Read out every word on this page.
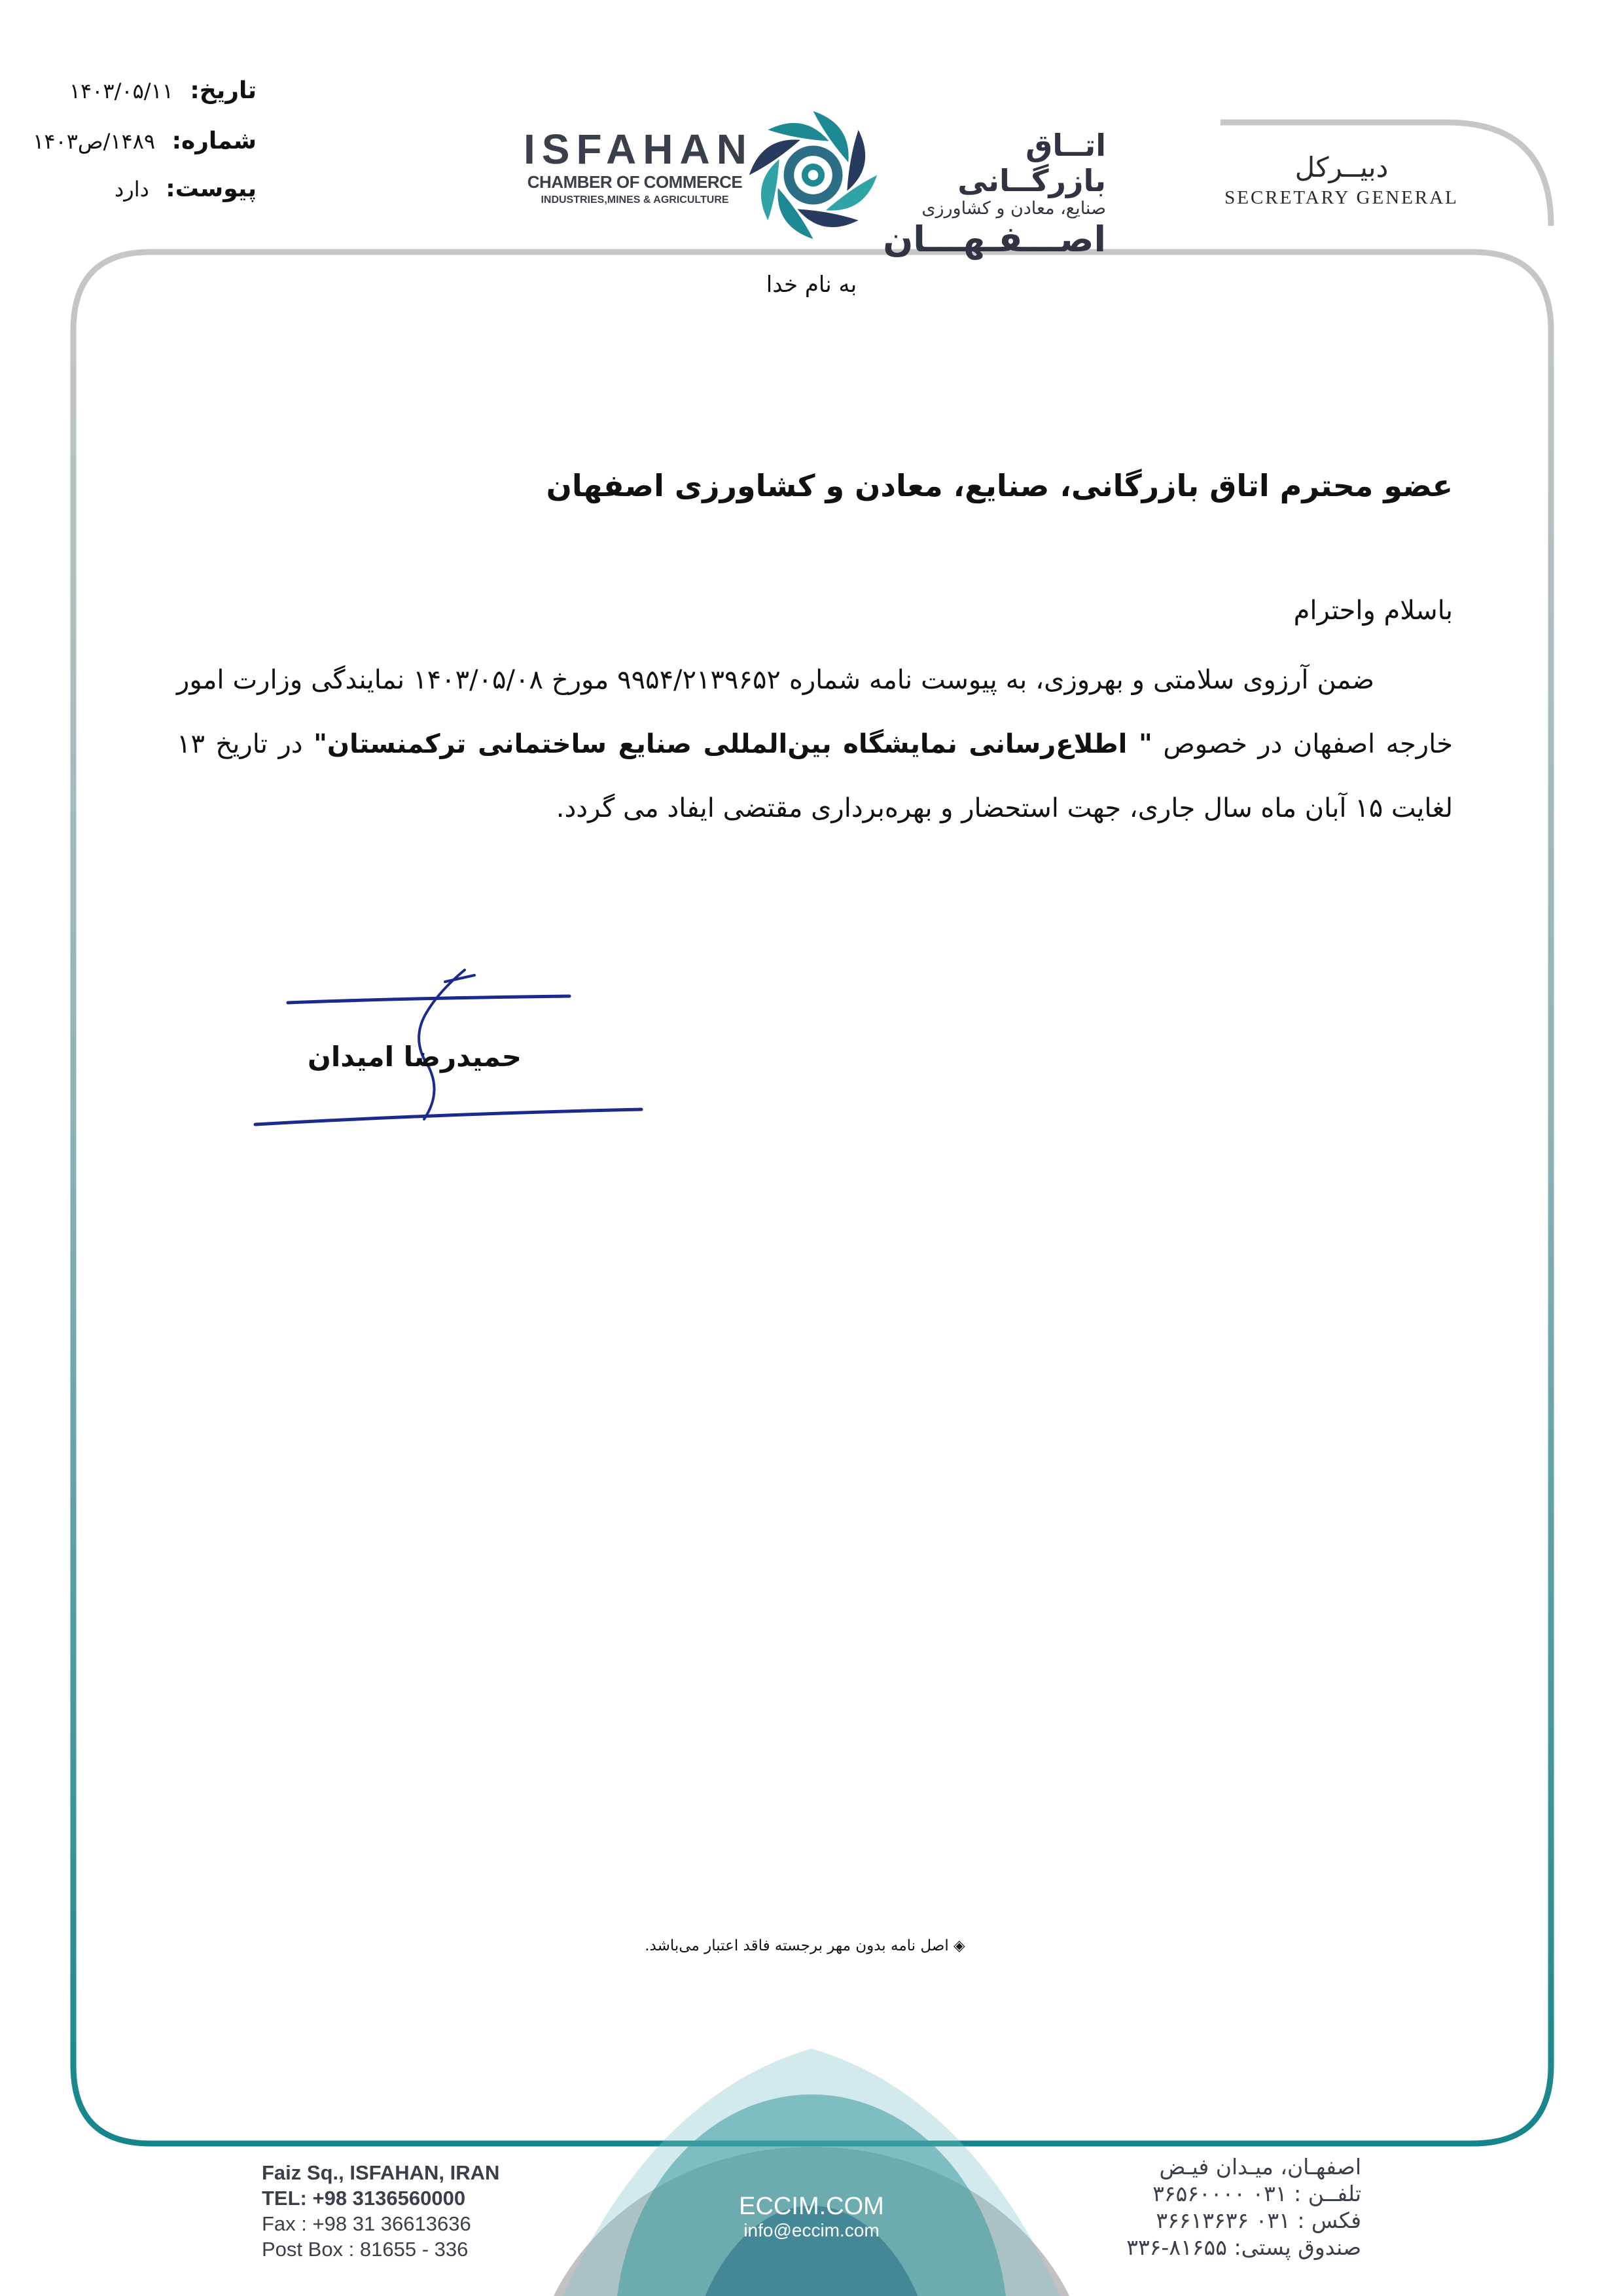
تاریخ: ۱۴۰۳/۰۵/۱۱
شماره: ۱۴۸۹/ص۱۴۰۳
پیوست: دارد
ISFAHAN
CHAMBER OF COMMERCE
INDUSTRIES,MINES & AGRICULTURE
اتــاق بازرگــانی
صنایع، معادن و کشاورزی
اصـــفـهـــان
دبیــرکل
SECRETARY GENERAL
به نام خدا
عضو محترم اتاق بازرگانی، صنایع، معادن و کشاورزی اصفهان
باسلام واحترام
ضمن آرزوی سلامتی و بهروزی، به پیوست نامه شماره ۹۹۵۴/۲۱۳۹۶۵۲ مورخ ۱۴۰۳/۰۵/۰۸ نمایندگی وزارت امور خارجه اصفهان در خصوص " اطلاع‌رسانی نمایشگاه بین‌المللی صنایع ساختمانی ترکمنستان" در تاریخ ۱۳ لغایت ۱۵ آبان ماه سال جاری، جهت استحضار و بهره‌برداری مقتضی ایفاد می گردد.
حمیدرضا امیدان
◈ اصل نامه بدون مهر برجسته فاقد اعتبار می‌باشد.
Faiz Sq., ISFAHAN, IRAN
TEL: +98 3136560000
Fax : +98 31 36613636
Post Box : 81655 - 336
ECCIM.COM
info@eccim.com
اصفهـان، میـدان فیـض
تلفــن : ۰۳۱ ۳۶۵۶۰۰۰۰
فکس : ۰۳۱ ۳۶۶۱۳۶۳۶
صندوق پستی: ۸۱۶۵۵-۳۳۶
